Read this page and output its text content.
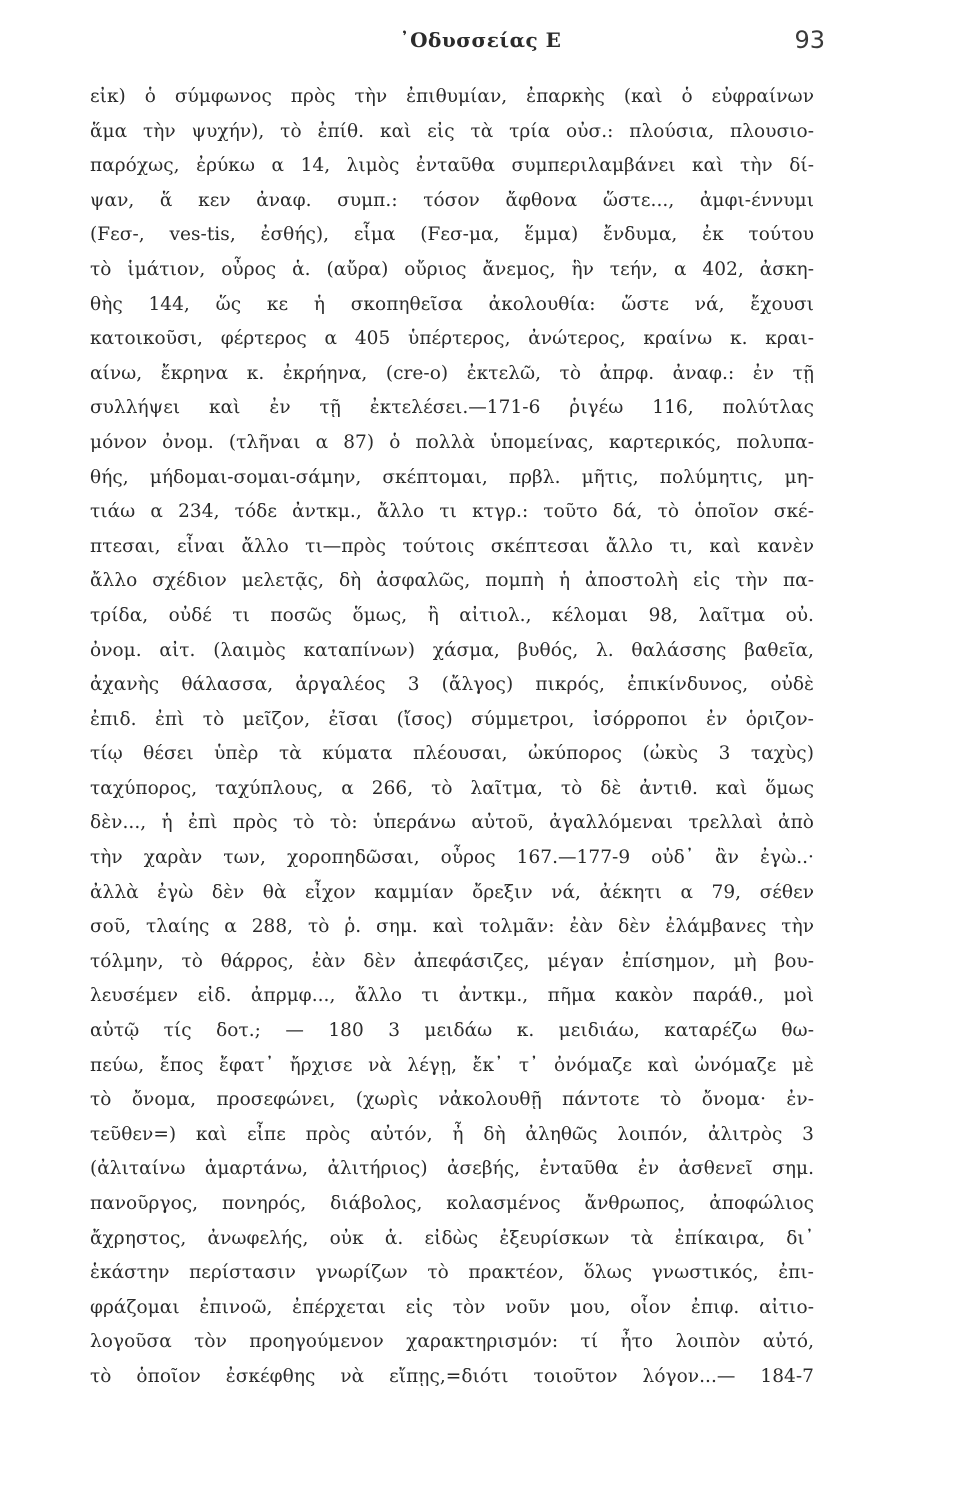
᾿Οδυσσείας Ε	93
εἰκ) ὁ σύμφωνος πρὸς τὴν ἐπιθυμίαν, ἐπαρκὴς (καὶ ὁ εὐφραίνων
ἅμα τὴν ψυχήν), τὸ ἐπίθ. καὶ εἰς τὰ τρία οὐσ.: πλούσια, πλουσιο-
παρόχως, ἐρύκω α 14, λιμὸς ἐνταῦθα συμπεριλαμβάνει καὶ τὴν δί-
ψαν, ἅ κεν ἀναφ. συμπ.: τόσον ἄφθονα ὥστε..., ἀμφι-έννυμι
(Fεσ-, ves-tis, ἐσθής), εἷμα (Fεσ-μα, ἕμμα) ἔνδυμα, ἐκ τούτου
τὸ ἱμάτιον, οὖρος ἁ. (αὔρα) οὔριος ἄνεμος, ἣν τεήν, α 402, ἀσκη-
θὴς 144, ὥς κε ἡ σκοπηθεῖσα ἀκολουθία: ὥστε νά, ἔχουσι
κατοικοῦσι, φέρτερος α 405 ὑπέρτερος, ἀνώτερος, κραίνω κ. κραι-
αίνω, ἔκρηνα κ. ἐκρήηνα, (cre-o) ἐκτελῶ, τὸ ἀπρφ. ἀναφ.: ἐν τῇ
συλλήψει καὶ ἐν τῇ ἐκτελέσει.—171-6 ῥιγέω 116, πολύτλας
μόνον ὀνομ. (τλῆναι α 87) ὁ πολλὰ ὑπομείνας, καρτερικός, πολυπα-
θής, μήδομαι-σομαι-σάμην, σκέπτομαι, πρβλ. μῆτις, πολύμητις, μη-
τιάω α 234, τόδε ἀντκμ., ἄλλο τι κτγρ.: τοῦτο δά, τὸ ὁποῖον σκέ-
πτεσαι, εἶναι ἄλλο τι—πρὸς τούτοις σκέπτεσαι ἄλλο τι, καὶ κανὲν
ἄλλο σχέδιον μελετᾷς, δὴ ἀσφαλῶς, πομπὴ ἡ ἀποστολὴ εἰς τὴν πα-
τρίδα, οὐδέ τι ποσῶς ὅμως, ἢ αἰτιολ., κέλομαι 98, λαῖτμα οὐ.
ὀνομ. αἰτ. (λαιμὸς καταπίνων) χάσμα, βυθός, λ. θαλάσσης βαθεῖα,
ἀχανὴς θάλασσα, ἀργαλέος 3 (ἄλγος) πικρός, ἐπικίνδυνος, οὐδὲ
ἐπιδ. ἐπὶ τὸ μεῖζον, ἐῖσαι (ἴσος) σύμμετροι, ἰσόρροποι ἐν ὁριζον-
τίῳ θέσει ὑπὲρ τὰ κύματα πλέουσαι, ὠκύπορος (ὠκὺς 3 ταχὺς)
ταχύπορος, ταχύπλους, α 266, τὸ λαῖτμα, τὸ δὲ ἀντιθ. καὶ ὅμως
δὲν..., ἡ ἐπὶ πρὸς τὸ τὸ: ὑπεράνω αὐτοῦ, ἀγαλλόμεναι τρελλαὶ ἀπὸ
τὴν χαρὰν των, χοροπηδῶσαι, οὖρος 167.—177-9 οὐδ᾿ ἂν ἐγὼ..·
ἀλλὰ ἐγὼ δὲν θὰ εἶχον καμμίαν ὄρεξιν νά, ἀέκητι α 79, σέθεν
σοῦ, τλαίης α 288, τὸ ῥ. σημ. καὶ τολμᾶν: ἐὰν δὲν ἐλάμβανες τὴν
τόλμην, τὸ θάρρος, ἐὰν δὲν ἀπεφάσιζες, μέγαν ἐπίσημον, μὴ βου-
λευσέμεν εἰδ. ἀπρμφ..., ἄλλο τι ἀντκμ., πῆμα κακὸν παράθ., μοὶ
αὐτῷ τίς δοτ.; — 180 3 μειδάω κ. μειδιάω, καταρέζω θω-
πεύω, ἔπος ἔφατ᾿ ἤρχισε νὰ λέγῃ, ἔκ᾿ τ᾿ ὀνόμαζε καὶ ὠνόμαζε μὲ
τὸ ὄνομα, προσεφώνει, (χωρὶς νἀκολουθῇ πάντοτε τὸ ὄνομα· ἐν-
τεῦθεν=) καὶ εἶπε πρὸς αὐτόν, ἦ δὴ ἀληθῶς λοιπόν, ἀλιτρὸς 3
(ἀλιταίνω ἁμαρτάνω, ἀλιτήριος) ἀσεβής, ἐνταῦθα ἐν ἀσθενεῖ σημ.
πανοῦργος, πονηρός, διάβολος, κολασμένος ἄνθρωπος, ἀποφώλιος
ἄχρηστος, ἀνωφελής, οὐκ ἁ. εἰδὼς ἐξευρίσκων τὰ ἐπίκαιρα, δι᾿
ἑκάστην περίστασιν γνωρίζων τὸ πρακτέον, ὅλως γνωστικός, ἐπι-
φράζομαι ἐπινοῶ, ἐπέρχεται εἰς τὸν νοῦν μου, οἷον ἐπιφ. αἰτιο-
λογοῦσα τὸν προηγούμενον χαρακτηρισμόν: τί ἦτο λοιπὸν αὐτό,
τὸ ὁποῖον ἐσκέφθης νὰ εἴπῃς,=διότι τοιοῦτον λόγον...— 184-7
